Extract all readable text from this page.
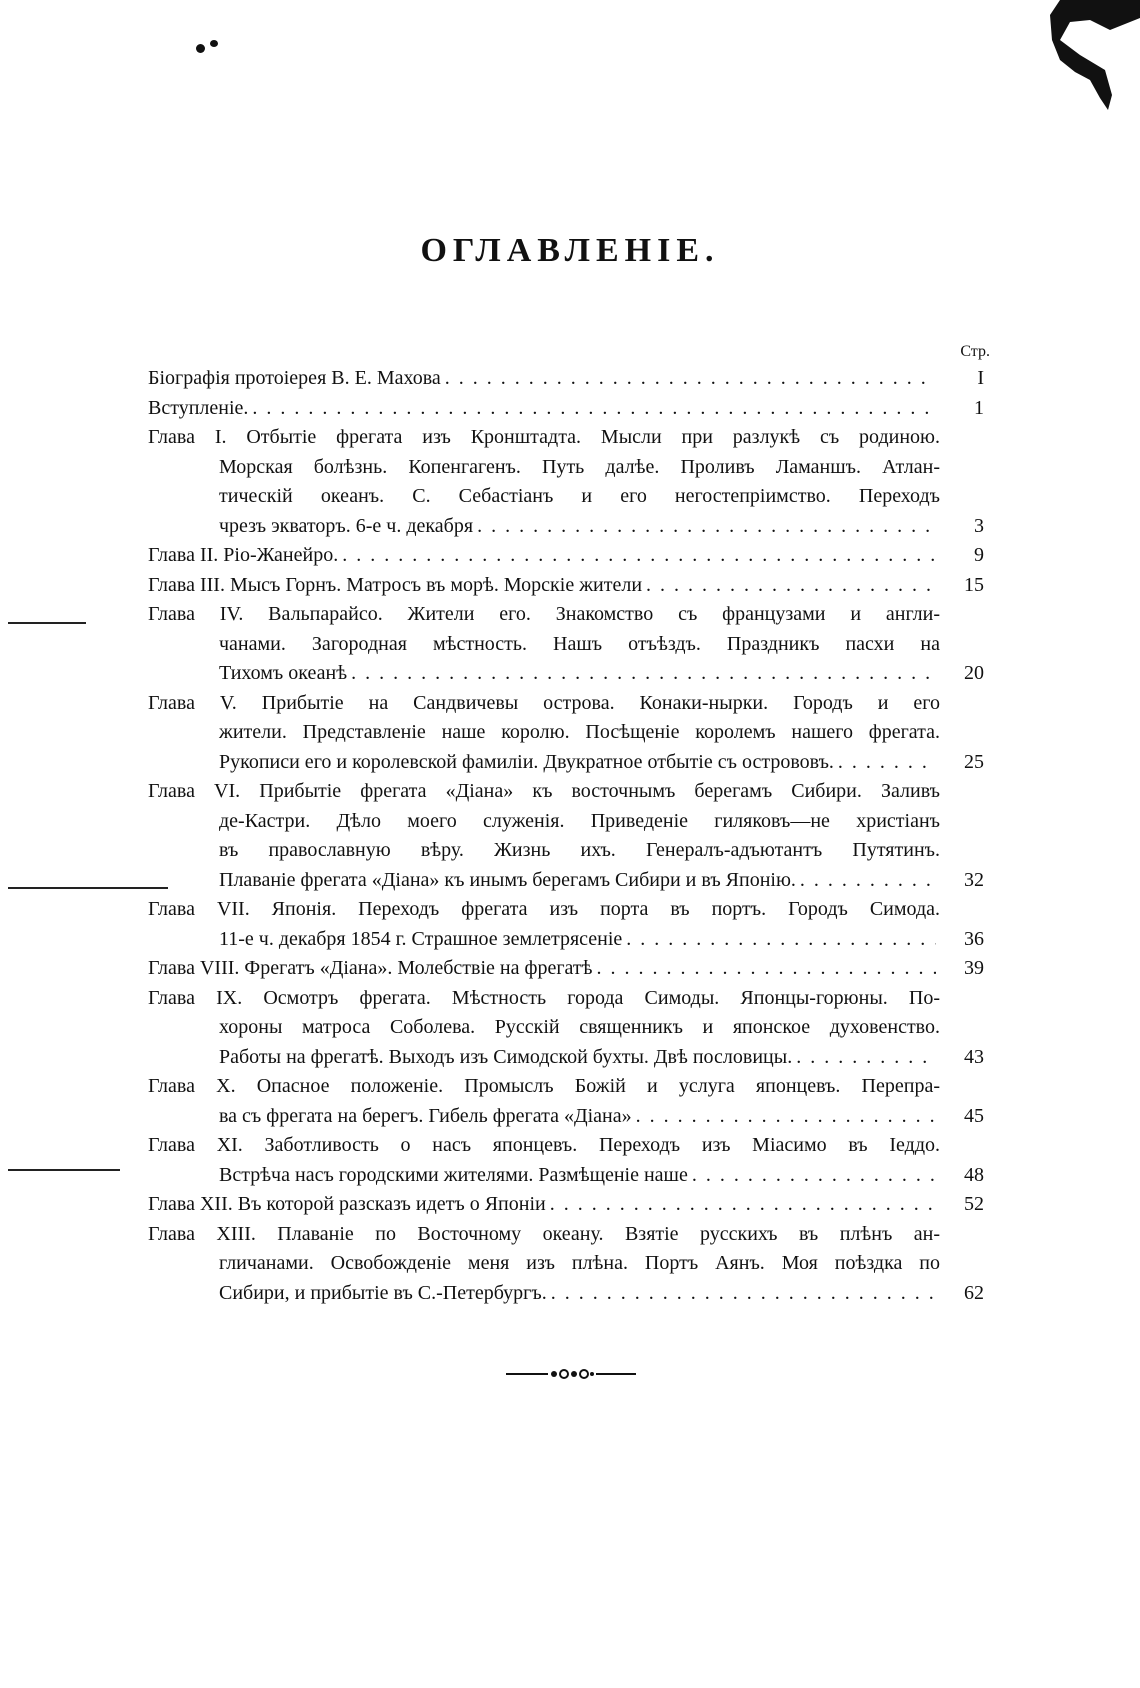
ОГЛАВЛЕНІЕ.
Стр.
Біографія протоіерея В. Е. Махова . . .	I
Вступленіе. . . .	1
Глава I. Отбытіе фрегата изъ Кронштадта. Мысли при разлукѣ съ родиною.
Морская болѣзнь. Копенгагенъ. Путь далѣе. Проливъ Ламаншъ. Атлан-
тическій океанъ. С. Себастіанъ и его негостепріимство. Переходъ
чрезъ экваторъ. 6-е ч. декабря . . .	3
Глава II. Ріо-Жанейро. . . .	9
Глава III. Мысъ Горнъ. Матросъ въ морѣ. Морскіе жители . . .	15
Глава IV. Вальпарайсо. Жители его. Знакомство съ французами и англи-
чанами. Загородная мѣстность. Нашъ отъѣздъ. Праздникъ пасхи на
Тихомъ океанѣ . . .	20
Глава V. Прибытіе на Сандвичевы острова. Конаки-нырки. Городъ и его
жители. Представленіе наше королю. Посѣщеніе королемъ нашего фрегата.
Рукописи его и королевской фамиліи. Двукратное отбытіе съ острововъ. . . .	25
Глава VI. Прибытіе фрегата «Діана» къ восточнымъ берегамъ Сибири. Заливъ
де-Кастри. Дѣло моего служенія. Приведеніе гиляковъ—не христіанъ
въ православную вѣру. Жизнь ихъ. Генералъ-адъютантъ Путятинъ.
Плаваніе фрегата «Діана» къ инымъ берегамъ Сибири и въ Японію. . . .	32
Глава VII. Японія. Переходъ фрегата изъ порта въ портъ. Городъ Симода.
11-е ч. декабря 1854 г. Страшное землетрясеніе . . .	36
Глава VIII. Фрегатъ «Діана». Молебствіе на фрегатѣ . . .	39
Глава IX. Осмотръ фрегата. Мѣстность города Симоды. Японцы-горюны. По-
хороны матроса Соболева. Русскій священникъ и японское духовенство.
Работы на фрегатѣ. Выходъ изъ Симодской бухты. Двѣ пословицы. . . .	43
Глава X. Опасное положеніе. Промыслъ Божій и услуга японцевъ. Перепра-
ва съ фрегата на берегъ. Гибель фрегата «Діана» . . .	45
Глава XI. Заботливость о насъ японцевъ. Переходъ изъ Міасимо въ Іеддо.
Встрѣча насъ городскими жителями. Размѣщеніе наше . . .	48
Глава XII. Въ которой разсказъ идетъ о Японіи . . .	52
Глава XIII. Плаваніе по Восточному океану. Взятіе русскихъ въ плѣнъ ан-
гличанами. Освобожденіе меня изъ плѣна. Портъ Аянъ. Моя поѣздка по
Сибири, и прибытіе въ С.-Петербургъ. . . .	62
